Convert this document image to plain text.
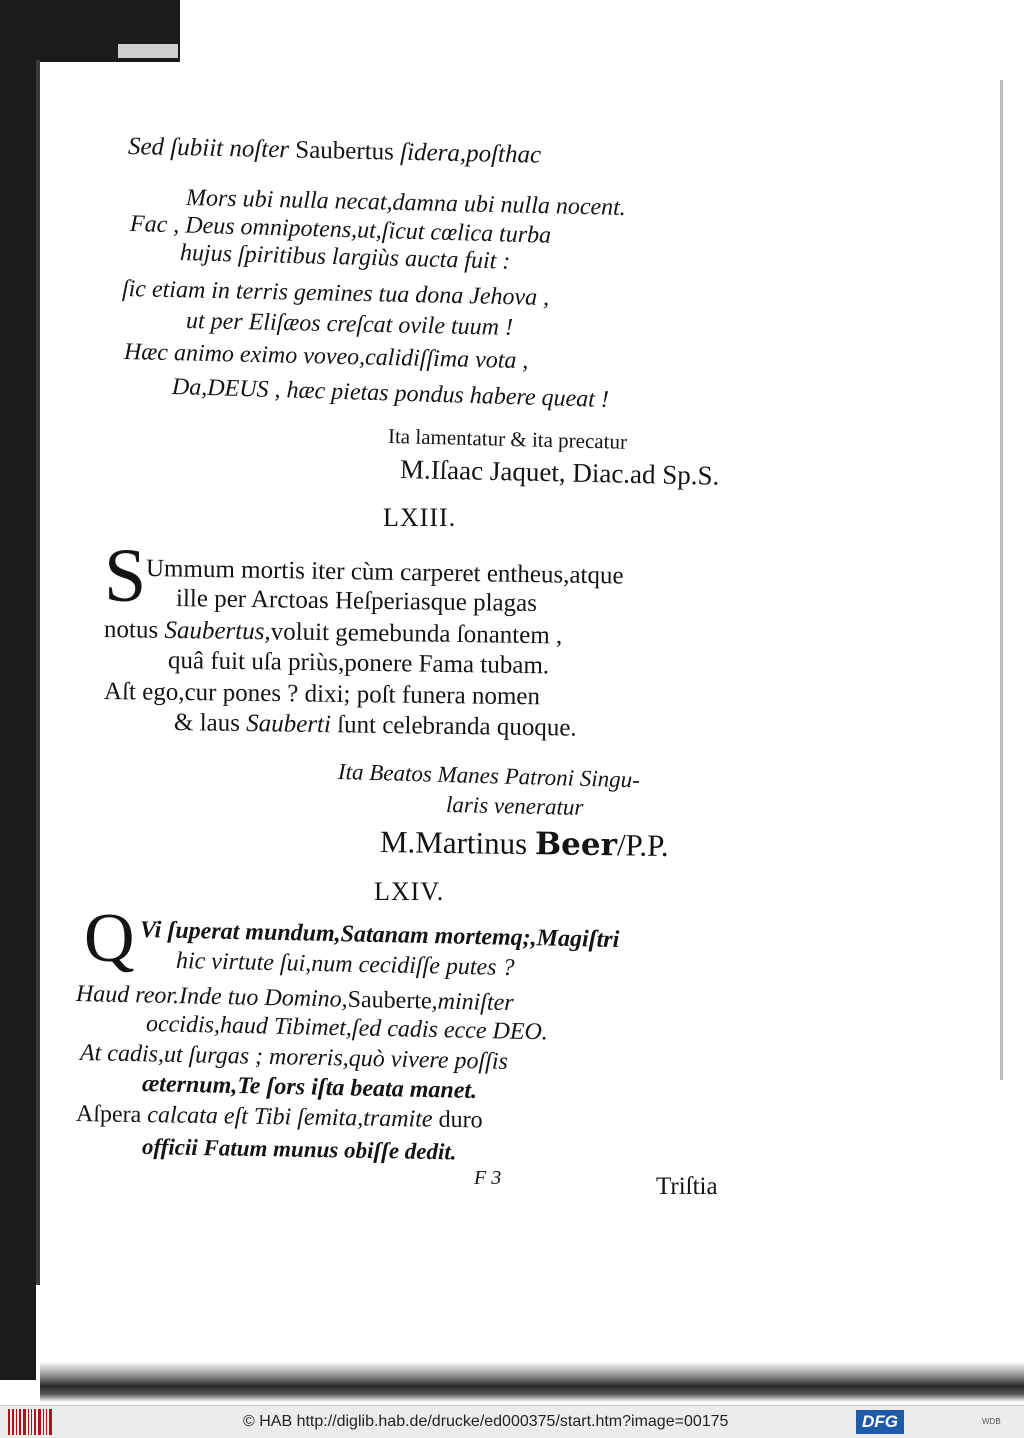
Sed ſubiit noſter Saubertus ſidera,poſthac

Mors ubi nulla necat,damna ubi nulla nocent.

Fac , Deus omnipotens,ut,ſicut cœlica turba

hujus ſpiritibus largiùs aucta fuit :

ſic etiam in terris gemines tua dona Jehova ,

ut per Eliſæos creſcat ovile tuum !

Hæc animo eximo voveo,calidiſſima vota ,

Da,DEUS , hæc pietas pondus habere queat !

Ita lamentatur & ita precatur

M.Iſaac Jaquet, Diac.ad Sp.S.

LXIII.

S Ummum mortis iter cùm carperet entheus,atque

ille per Arctoas Heſperiasque plagas

notus Saubertus,voluit gemebunda ſonantem ,

quâ fuit uſa priùs,ponere Fama tubam.

Aſt ego,cur pones ? dixi; poſt funera nomen

& laus Sauberti ſunt celebranda quoque.

Ita Beatos Manes Patroni Singu-

laris veneratur

M.Martinus Beer/P.P.

LXIV.

Q Vi ſuperat mundum,Satanam mortemq;,Magiſtri

hic virtute ſui,num cecidiſſe putes ?

Haud reor.Inde tuo Domino,Sauberte,miniſter

occidis,haud Tibimet,ſed cadis ecce DEO.

At cadis,ut ſurgas ; moreris,quò vivere poſſis

æternum,Te ſors iſta beata manet.

Aſpera calcata eſt Tibi ſemita,tramite duro

officii Fatum munus obiſſe dedit.

F 3	Triſtia

© HAB http://diglib.hab.de/drucke/ed000375/start.htm?image=00175	DFG	WDB
